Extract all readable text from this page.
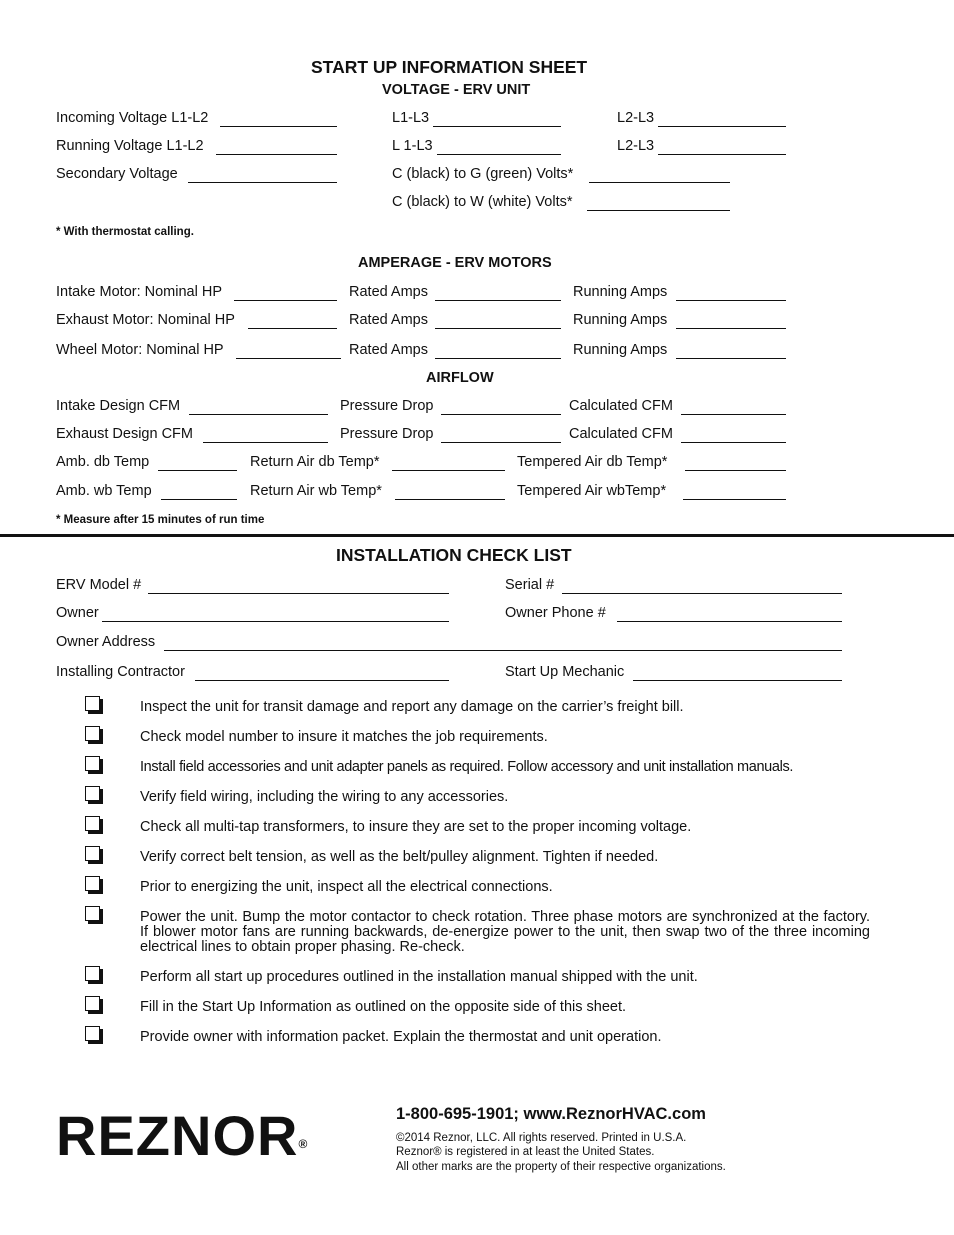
START UP INFORMATION SHEET
VOLTAGE - ERV UNIT
Incoming Voltage L1-L2	L1-L3	L2-L3
Running Voltage L1-L2	L 1-L3	L2-L3
Secondary Voltage	C (black) to G (green) Volts*
C (black) to W (white) Volts*
* With thermostat calling.
AMPERAGE - ERV MOTORS
Intake Motor: Nominal HP	Rated Amps	Running Amps
Exhaust Motor: Nominal HP	Rated Amps	Running Amps
Wheel Motor: Nominal HP	Rated Amps	Running Amps
AIRFLOW
Intake Design CFM	Pressure Drop	Calculated CFM
Exhaust Design CFM	Pressure Drop	Calculated CFM
Amb. db Temp	Return Air db Temp*	Tempered Air db Temp*
Amb. wb Temp	Return Air wb Temp*	Tempered Air wbTemp*
* Measure after 15 minutes of run time
INSTALLATION CHECK LIST
ERV Model #	Serial #
Owner	Owner Phone #
Owner Address
Installing Contractor	Start Up Mechanic
Inspect the unit for transit damage and report any damage on the carrier’s freight bill.
Check model number to insure it matches the job requirements.
Install field accessories and unit adapter panels as required. Follow accessory and unit installation manuals.
Verify field wiring, including the wiring to any accessories.
Check all multi-tap transformers, to insure they are set to the proper incoming voltage.
Verify correct belt tension, as well as the belt/pulley alignment. Tighten if needed.
Prior to energizing the unit, inspect all the electrical connections.
Power the unit. Bump the motor contactor to check rotation. Three phase motors are synchronized at the factory. If blower motor fans are running backwards, de-energize power to the unit, then swap two of the three incoming electrical lines to obtain proper phasing. Re-check.
Perform all start up procedures outlined in the installation manual shipped with the unit.
Fill in the Start Up Information as outlined on the opposite side of this sheet.
Provide owner with information packet. Explain the thermostat and unit operation.
REZNOR®
1-800-695-1901; www.ReznorHVAC.com
©2014 Reznor, LLC. All rights reserved. Printed in U.S.A.
Reznor® is registered in at least the United States.
All other marks are the property of their respective organizations.
